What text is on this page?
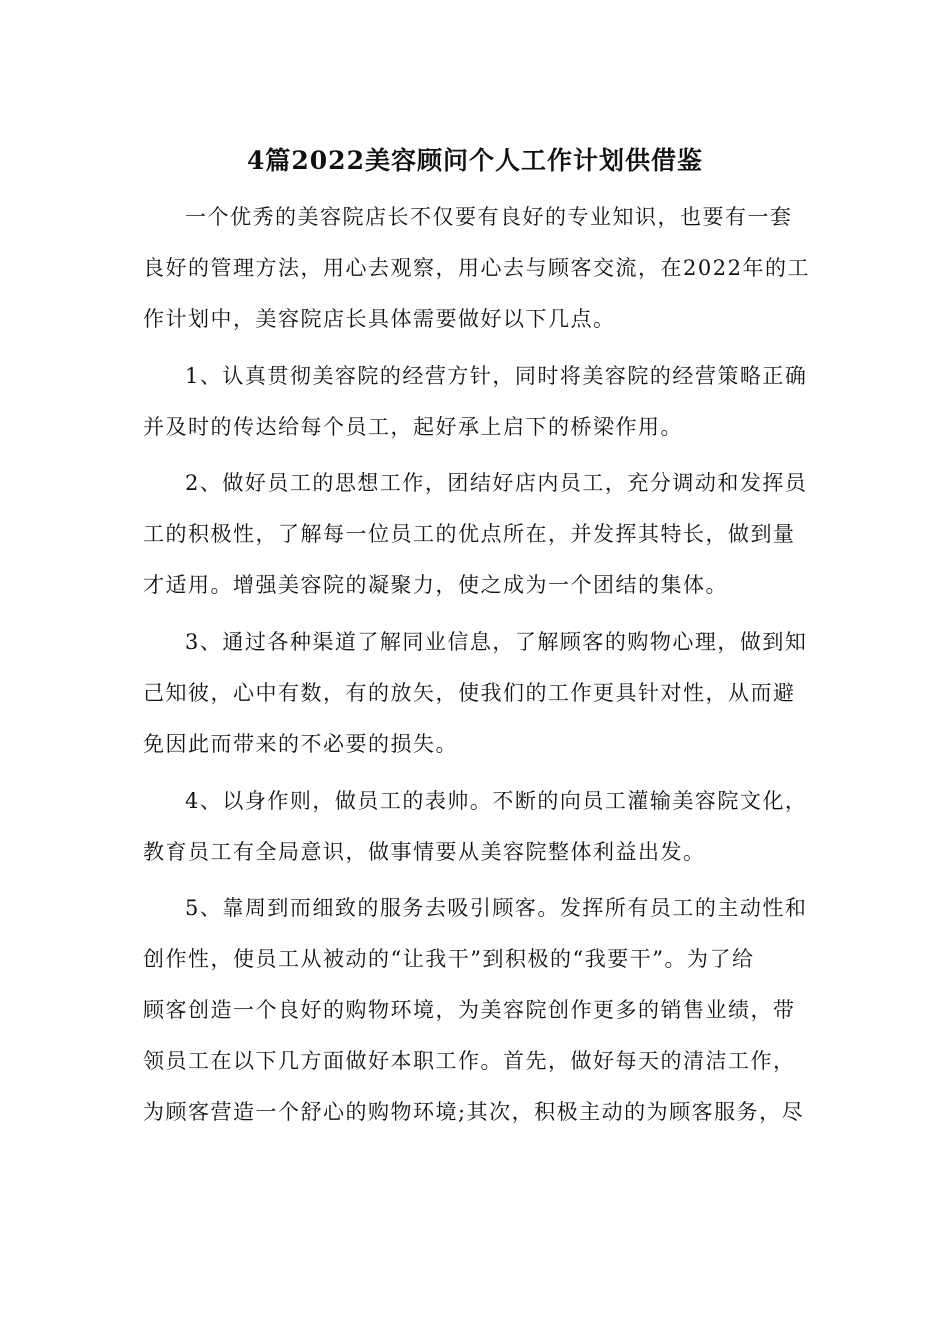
4篇2022美容顾问个人工作计划供借鉴
一个优秀的美容院店长不仅要有良好的专业知识，也要有一套
良好的管理方法，用心去观察，用心去与顾客交流，在2022年的工
作计划中，美容院店长具体需要做好以下几点。
1、认真贯彻美容院的经营方针，同时将美容院的经营策略正确
并及时的传达给每个员工，起好承上启下的桥梁作用。
2、做好员工的思想工作，团结好店内员工，充分调动和发挥员
工的积极性，了解每一位员工的优点所在，并发挥其特长，做到量
才适用。增强美容院的凝聚力，使之成为一个团结的集体。
3、通过各种渠道了解同业信息，了解顾客的购物心理，做到知
己知彼，心中有数，有的放矢，使我们的工作更具针对性，从而避
免因此而带来的不必要的损失。
4、以身作则，做员工的表帅。不断的向员工灌输美容院文化，
教育员工有全局意识，做事情要从美容院整体利益出发。
5、靠周到而细致的服务去吸引顾客。发挥所有员工的主动性和
创作性，使员工从被动的“让我干”到积极的“我要干”。为了给
顾客创造一个良好的购物环境，为美容院创作更多的销售业绩，带
领员工在以下几方面做好本职工作。首先，做好每天的清洁工作，
为顾客营造一个舒心的购物环境;其次，积极主动的为顾客服务，尽
